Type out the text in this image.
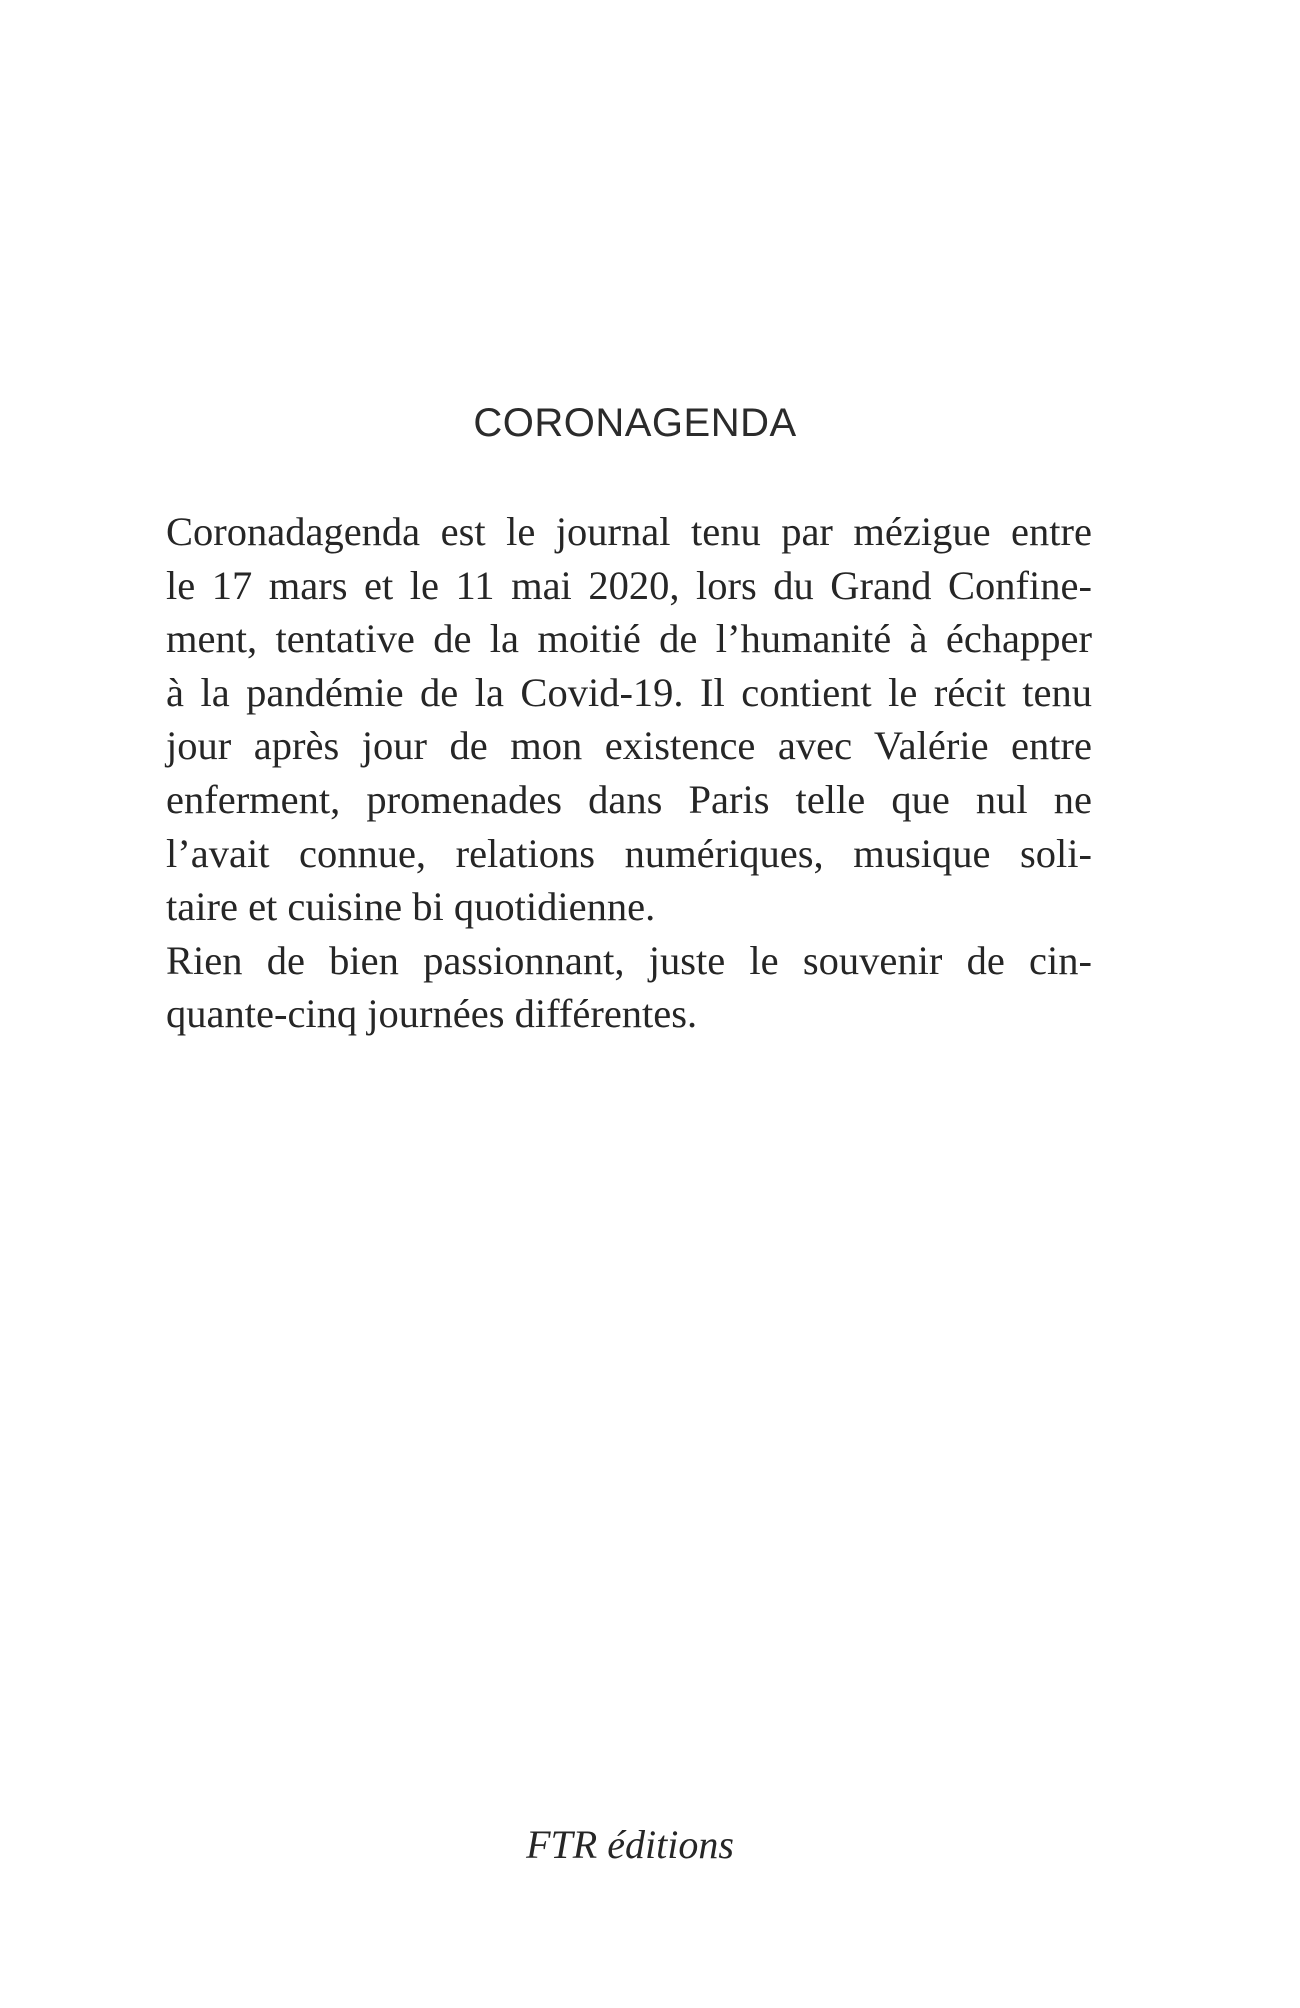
CORONAGENDA
Coronadagenda est le journal tenu par mézigue entre
le 17 mars et le 11 mai 2020, lors du Grand Confine-
ment, tentative de la moitié de l’humanité à échapper
à la pandémie de la Covid-19. Il contient le récit tenu
jour après jour de mon existence avec Valérie entre
enferment, promenades dans Paris telle que nul ne
l’avait connue, relations numériques, musique soli-
taire et cuisine bi quotidienne.
Rien de bien passionnant, juste le souvenir de cin-
quante-cinq journées différentes.

FTR éditions
